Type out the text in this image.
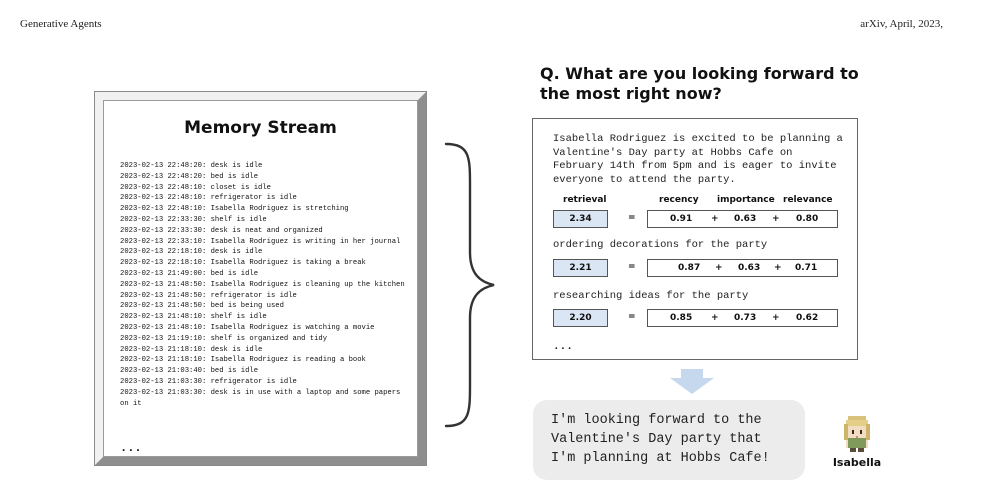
Generative Agents	arXiv, April, 2023,
Memory Stream
2023-02-13 22:48:20: desk is idle
2023-02-13 22:48:20: bed is idle
2023-02-13 22:48:10: closet is idle
2023-02-13 22:48:10: refrigerator is idle
2023-02-13 22:48:10: Isabella Rodriguez is stretching
2023-02-13 22:33:30: shelf is idle
2023-02-13 22:33:30: desk is neat and organized
2023-02-13 22:33:10: Isabella Rodriguez is writing in her journal
2023-02-13 22:18:10: desk is idle
2023-02-13 22:18:10: Isabella Rodriguez is taking a break
2023-02-13 21:49:00: bed is idle
2023-02-13 21:48:50: Isabella Rodriguez is cleaning up the kitchen
2023-02-13 21:48:50: refrigerator is idle
2023-02-13 21:48:50: bed is being used
2023-02-13 21:48:10: shelf is idle
2023-02-13 21:48:10: Isabella Rodriguez is watching a movie
2023-02-13 21:19:10: shelf is organized and tidy
2023-02-13 21:18:10: desk is idle
2023-02-13 21:18:10: Isabella Rodriguez is reading a book
2023-02-13 21:03:40: bed is idle
2023-02-13 21:03:30: refrigerator is idle
2023-02-13 21:03:30: desk is in use with a laptop and some papers on it
...
Q. What are you looking forward to the most right now?
Isabella Rodriguez is excited to be planning a
Valentine's Day party at Hobbs Cafe on
February 14th from 5pm and is eager to invite
everyone to attend the party.
retrieval	recency importance relevance
2.34	=	0.91 + 0.63 + 0.80
ordering decorations for the party
2.21	=	0.87 + 0.63 + 0.71
researching ideas for the party
2.20	=	0.85 + 0.73 + 0.62
...
I'm looking forward to the
Valentine's Day party that
I'm planning at Hobbs Cafe!	Isabella
